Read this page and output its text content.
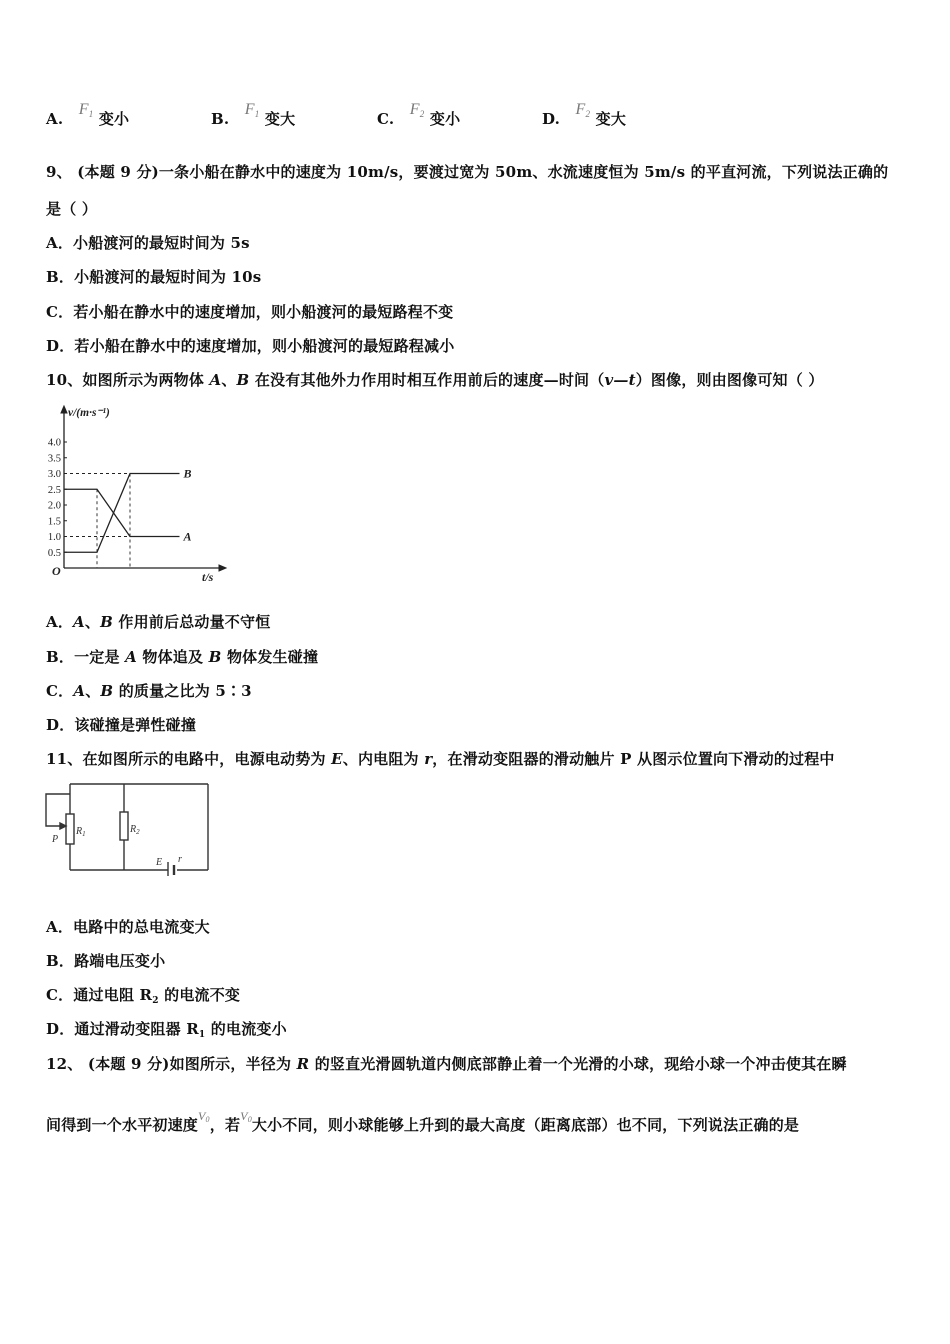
A. F1 变小	B. F1 变大	C. F2 变小	D. F2 变大
9、 (本题 9 分)一条小船在静水中的速度为 10m/s，要渡过宽为 50m、水流速度恒为 5m/s 的平直河流，下列说法正确的
是（ ）
A．小船渡河的最短时间为 5s
B．小船渡河的最短时间为 10s
C．若小船在静水中的速度增加，则小船渡河的最短路程不变
D．若小船在静水中的速度增加，则小船渡河的最短路程减小
10、如图所示为两物体 A、B 在没有其他外力作用时相互作用前后的速度—时间（v—t）图像，则由图像可知（ ）
0.5
1.0
1.5
2.0
2.5
3.0
3.5
4.0
A
B
v/(m·s⁻¹)
t/s
O
A．A、B 作用前后总动量不守恒
B．一定是 A 物体追及 B 物体发生碰撞
C．A、B 的质量之比为 5∶3
D．该碰撞是弹性碰撞
11、在如图所示的电路中，电源电动势为 E、内电阻为 r，在滑动变阻器的滑动触片 P 从图示位置向下滑动的过程中
$R_1$	$R_2$
P
E r
A．电路中的总电流变大
B．路端电压变小
C．通过电阻 $R_2$ 的电流不变
D．通过滑动变阻器 $R_1$ 的电流变小
12、 (本题 9 分)如图所示，半径为 R 的竖直光滑圆轨道内侧底部静止着一个光滑的小球，现给小球一个冲击使其在瞬
间得到一个水平初速度$^{V0}$，若$^{V0}$大小不同，则小球能够上升到的最大高度（距离底部）也不同，下列说法正确的是
